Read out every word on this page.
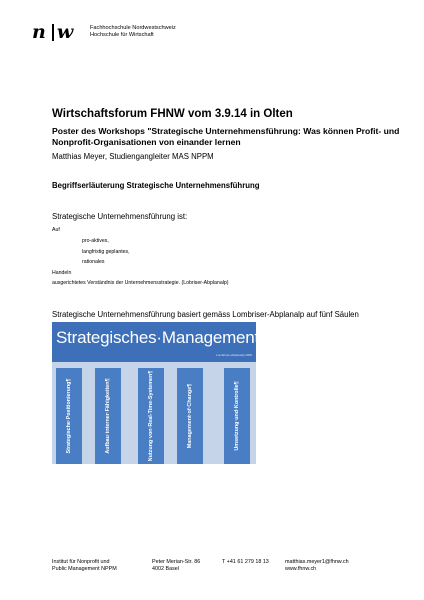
n w	Fachhochschule Nordwestschweiz
Hochschule für Wirtschaft
Wirtschaftsforum FHNW vom 3.9.14 in Olten
Poster des Workshops "Strategische Unternehmensführung: Was können Profit- und Nonprofit-Organisationen von einander lernen
Matthias Meyer, Studiengangleiter MAS NPPM
Begriffserläuterung Strategische Unternehmensführung
Strategische Unternehmensführung ist:
Auf
pro-aktives,
langfristig geplantes,
rationales
Handeln
ausgerichtetes Verständnis der Unternehmensstrategie. (Lobriser-Abplanalp)
Strategische Unternehmensführung basiert gemäss Lombriser-Abplanalp auf fünf Säulen
Strategisches·Management¶
Lombriser+Abplanalp 2005
Strategische·Positionierung¶	Aufbau·interner·Fähigkeiten¶	Nutzung·von·Real-Time-Systemen¶	Management·of·Change¶	Umsetzung·und·Kontrolle¶
Institut für Nonprofit und
Public Management NPPM
Peter Merian-Str. 86
4002 Basel
T +41 61 279 18 13	matthias.meyer1@fhnw.ch
www.fhnw.ch
